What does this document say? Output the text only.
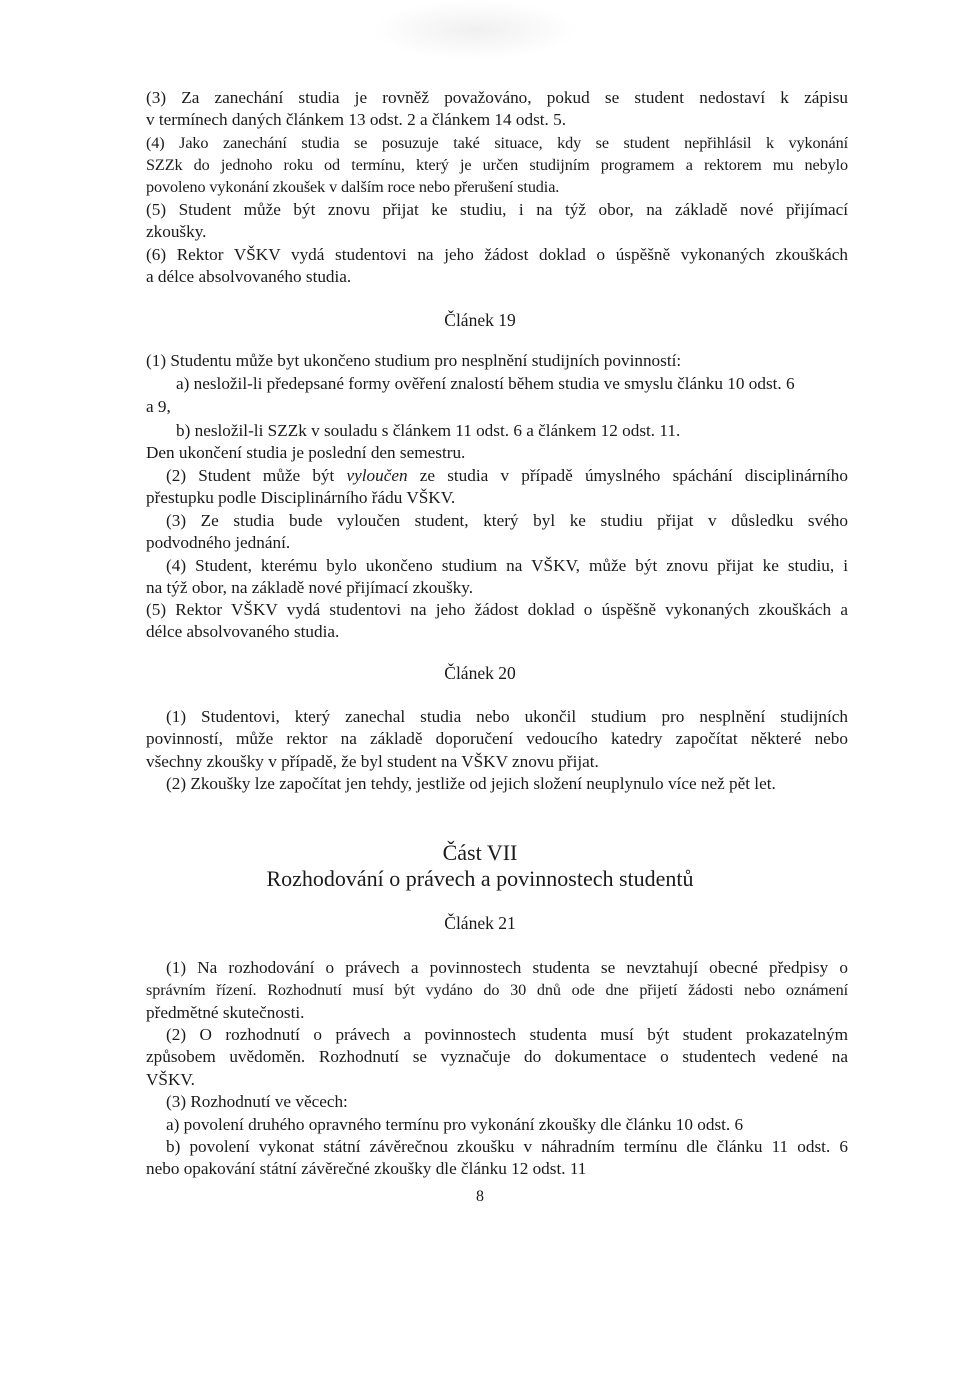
(3) Za zanechání studia je rovněž považováno, pokud se student nedostaví k zápisu
v termínech daných článkem 13 odst. 2 a článkem 14 odst. 5.
(4) Jako zanechání studia se posuzuje také situace, kdy se student nepřihlásil k vykonání
SZZk do jednoho roku od termínu, který je určen studijním programem a rektorem mu nebylo
povoleno vykonání zkoušek v dalším roce nebo přerušení studia.
(5) Student může být znovu přijat ke studiu, i na týž obor, na základě nové přijímací
zkoušky.
(6) Rektor VŠKV vydá studentovi na jeho žádost doklad o úspěšně vykonaných zkouškách
a délce absolvovaného studia.
Článek 19
(1) Studentu může byt ukončeno studium pro nesplnění studijních povinností:
a) nesložil-li předepsané formy ověření znalostí během studia ve smyslu článku 10 odst. 6
a 9,
b) nesložil-li SZZk v souladu s článkem 11 odst. 6 a článkem 12 odst. 11.
Den ukončení studia je poslední den semestru.
(2) Student může být vyloučen ze studia v případě úmyslného spáchání disciplinárního
přestupku podle Disciplinárního řádu VŠKV.
(3) Ze studia bude vyloučen student, který byl ke studiu přijat v důsledku svého
podvodného jednání.
(4) Student, kterému bylo ukončeno studium na VŠKV, může být znovu přijat ke studiu, i
na týž obor, na základě nové přijímací zkoušky.
(5) Rektor VŠKV vydá studentovi na jeho žádost doklad o úspěšně vykonaných zkouškách a
délce absolvovaného studia.
Článek 20
(1) Studentovi, který zanechal studia nebo ukončil studium pro nesplnění studijních
povinností, může rektor na základě doporučení vedoucího katedry započítat některé nebo
všechny zkoušky v případě, že byl student na VŠKV znovu přijat.
(2) Zkoušky lze započítat jen tehdy, jestliže od jejich složení neuplynulo více než pět let.
Část VII
Rozhodování o právech a povinnostech studentů
Článek 21
(1) Na rozhodování o právech a povinnostech studenta se nevztahují obecné předpisy o
správním řízení. Rozhodnutí musí být vydáno do 30 dnů ode dne přijetí žádosti nebo oznámení
předmětné skutečnosti.
(2) O rozhodnutí o právech a povinnostech studenta musí být student prokazatelným
způsobem uvědoměn. Rozhodnutí se vyznačuje do dokumentace o studentech vedené na
VŠKV.
(3) Rozhodnutí ve věcech:
a) povolení druhého opravného termínu pro vykonání zkoušky dle článku 10 odst. 6
b) povolení vykonat státní závěrečnou zkoušku v náhradním termínu dle článku 11 odst. 6
nebo opakování státní závěrečné zkoušky dle článku 12 odst. 11
8
